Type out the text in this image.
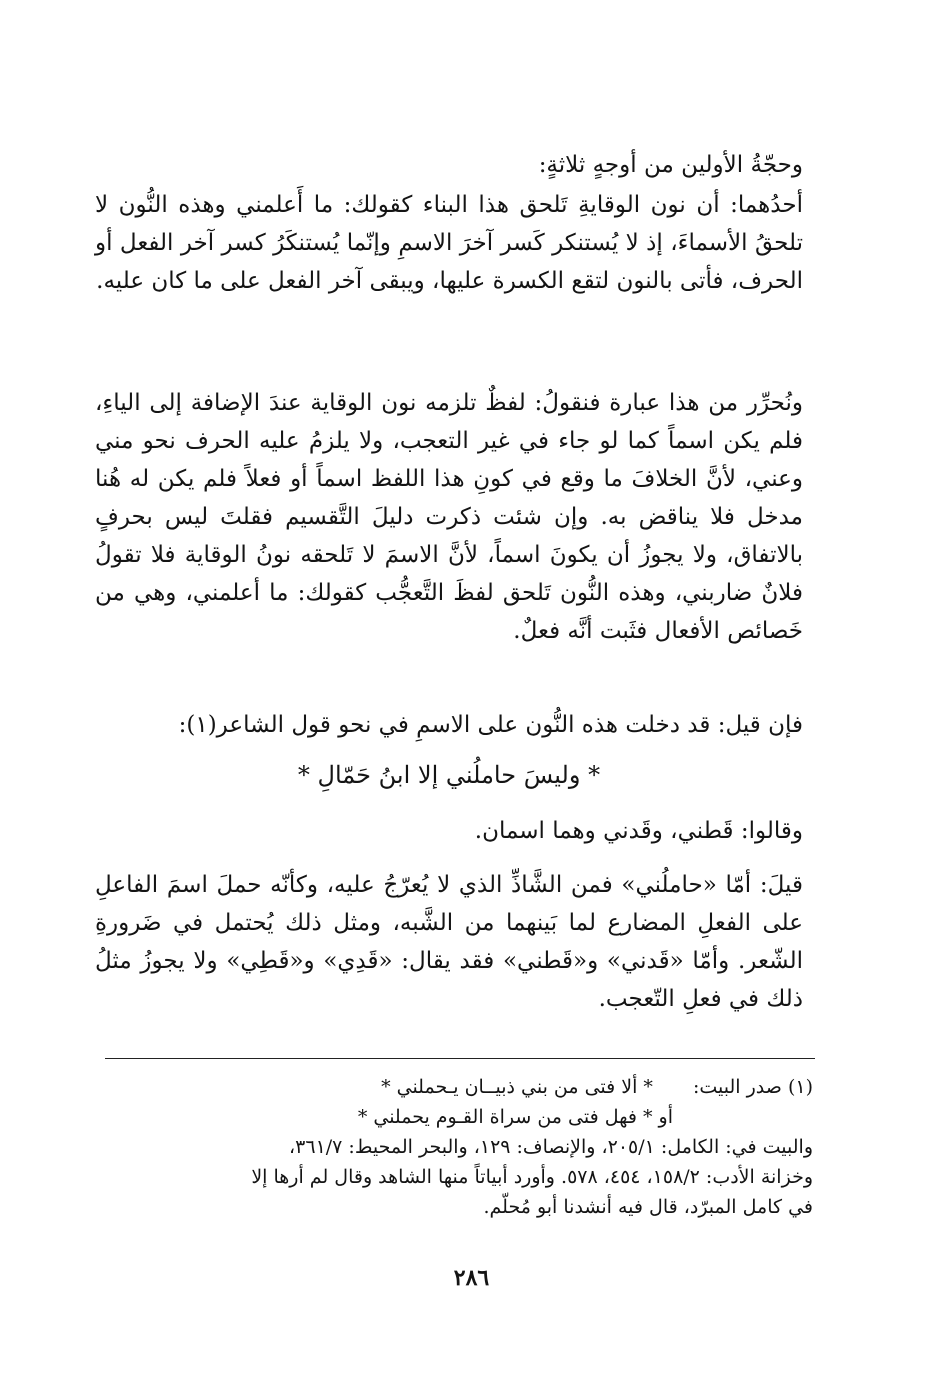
وحجّةُ الأولين من أوجهٍ ثلاثةٍ:

أحدُهما: أن نون الوقايةِ تَلحق هذا البناء كقولك: ما أَعلمني وهذه النُّون لا تلحقُ الأسماءَ، إذ لا يُستنكر كَسر آخرَ الاسمِ وإنّما يُستنكَرُ كسر آخر الفعل أو الحرف، فأتى بالنون لتقع الكسرة عليها، ويبقى آخر الفعل على ما كان عليه.

ونُحرِّر من هذا عبارة فنقولُ: لفظٌ تلزمه نون الوقاية عندَ الإضافة إلى الياءِ، فلم يكن اسماً كما لو جاء في غير التعجب، ولا يلزمُ عليه الحرف نحو مني وعني، لأنَّ الخلافَ ما وقع في كونِ هذا اللفظ اسماً أو فعلاً فلم يكن له هُنا مدخل فلا يناقض به. وإن شئت ذكرت دليلَ التَّقسيم فقلتَ ليس بحرفٍ بالاتفاق، ولا يجوزُ أن يكونَ اسماً، لأنَّ الاسمَ لا تَلحقه نونُ الوقاية فلا تقولُ فلانٌ ضاربني، وهذه النُّون تَلحق لفظَ التَّعجُّب كقولك: ما أعلمني، وهي من خَصائص الأفعال فثَبت أنَّه فعلٌ.

فإن قيل: قد دخلت هذه النُّون على الاسمِ في نحو قول الشاعر(١):

* وليسَ حاملُني إلا ابنُ حَمّالِ *

وقالوا: قَطني، وقَدني وهما اسمان.

قيلَ: أمّا «حاملُني» فمن الشَّاذِّ الذي لا يُعرّجُ عليه، وكأنّه حملَ اسمَ الفاعلِ على الفعلِ المضارع لما بَينهما من الشَّبه، ومثل ذلك يُحتمل في ضَرورةِ الشّعر. وأمّا «قَدني» و«قَطني» فقد يقال: «قَدِي» و«قَطِي» ولا يجوزُ مثلُ ذلك في فعلِ التّعجب.

(١) صدر البيت: * ألا فتى من بني ذبيــان يـحملني *

أو * فهل فتى من سراة القـوم يحملني *

والبيت في: الكامل: ٢٠٥/١، والإنصاف: ١٢٩، والبحر المحيط: ٣٦١/٧،

وخزانة الأدب: ١٥٨/٢، ٤٥٤، ٥٧٨. وأورد أبياتاً منها الشاهد وقال لم أرها إلا

في كامل المبرّد، قال فيه أنشدنا أبو مُحلّم.

٢٨٦
